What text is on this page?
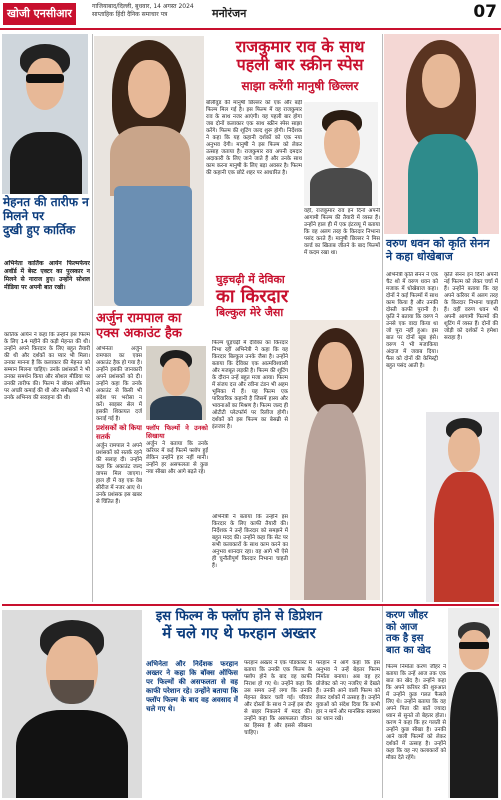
खोजी एनसीआर
गाजियाबाद/दिल्ली, बुधवार, 14 अगस्त 2024
साप्ताहिक हिंदी दैनिक समाचार पत्र	मनोरंजन	07
मेहनत की तारीफ न मिलने पर
दुखी हुए कार्तिक

अभिनेता कार्तिक आर्यन फिल्मफेयर अवॉर्ड में बेस्ट एक्टर का पुरस्कार न मिलने से नाराज हुए। उन्होंने सोशल मीडिया पर अपनी बात रखी।

कार्तिक आर्यन ने कहा कि उन्होंने इस फिल्म के लिए 14 महीने की कड़ी मेहनत की थी। उन्होंने अपने किरदार के लिए बहुत तैयारी की थी और दर्शकों का प्यार भी मिला। उनका मानना है कि कलाकार की मेहनत को सम्मान मिलना चाहिए। उनके प्रशंसकों ने भी उनका समर्थन किया और सोशल मीडिया पर उनकी तारीफ की। फिल्म ने बॉक्स ऑफिस पर अच्छी कमाई की थी और समीक्षकों ने भी उनके अभिनय की सराहना की थी।

राजकुमार राव के साथ
पहली बार स्क्रीन स्पेस
साझा करेंगी मानुषी छिल्लर

बॉलीवुड की मानुषी छिल्लर को एक और बड़ी फिल्म मिल गई है। इस फिल्म में वह राजकुमार राव के साथ नजर आएंगी। यह पहली बार होगा जब दोनों कलाकार एक साथ स्क्रीन स्पेस साझा करेंगे। फिल्म की शूटिंग जल्द शुरू होगी। निर्देशक ने कहा कि यह कहानी दर्शकों को एक नया अनुभव देगी। मानुषी ने इस फिल्म को लेकर उत्साह जताया है। राजकुमार राव अपनी दमदार अदाकारी के लिए जाने जाते हैं और उनके साथ काम करना मानुषी के लिए बड़ा अवसर है। फिल्म की कहानी एक छोटे शहर पर आधारित है।

वहीं, राजकुमार राव इन दिनों अपनी आगामी फिल्म की तैयारी में व्यस्त हैं। उन्होंने हाल ही में एक इंटरव्यू में बताया कि वह अलग तरह के किरदार निभाना पसंद करते हैं। मानुषी छिल्लर ने मिस वर्ल्ड का खिताब जीतने के बाद फिल्मों में कदम रखा था।

वरुण धवन को कृति सेनन ने कहा धोखेबाज

अभिनेत्री कृति सेनन ने एक चैट शो में वरुण धवन को मजाक में धोखेबाज कहा। दोनों ने कई फिल्मों में साथ काम किया है और उनकी दोस्ती काफी पुरानी है। कृति ने बताया कि वरुण ने उनसे एक वादा किया था जो पूरा नहीं हुआ। इस बात पर दोनों खूब हंसे। वरुण ने भी मजाकिया अंदाज में जवाब दिया। फैंस को दोनों की केमिस्ट्री बहुत पसंद आती है।

कृति सेनन इन दिनों अपनी नई फिल्म को लेकर चर्चा में हैं। उन्होंने बताया कि वह अपने करियर में अलग तरह के किरदार निभाना चाहती हैं। वहीं वरुण धवन भी अपनी आगामी फिल्मों की शूटिंग में व्यस्त हैं। दोनों की जोड़ी को दर्शकों ने हमेशा सराहा है।

अर्जुन रामपाल का
एक्स अकाउंट हैक

अभिनेता अर्जुन रामपाल का एक्स अकाउंट हैक हो गया है। उन्होंने इसकी जानकारी अपने प्रशंसकों को दी। उन्होंने कहा कि उनके अकाउंट से किसी भी संदेश पर भरोसा न करें। साइबर सेल में इसकी शिकायत दर्ज कराई गई है।

प्रशंसकों को किया सतर्क

अर्जुन रामपाल ने अपने प्रशंसकों को सतर्क रहने की सलाह दी। उन्होंने कहा कि अकाउंट जल्द वापस मिल जाएगा। हाल ही में वह एक वेब सीरीज में नजर आए थे। उनके प्रशंसक इस खबर से चिंतित हैं।

फ्लॉप फिल्मों ने उनको सिखाया

अर्जुन ने बताया कि उनके करियर में कई फिल्में फ्लॉप हुईं लेकिन उन्होंने हार नहीं मानी। उन्होंने हर असफलता से कुछ नया सीखा और आगे बढ़ते रहे।

घुड़चढ़ी में देविका
का किरदार
बिल्कुल मेरे जैसा

फिल्म घुड़चढ़ी में देविका का किरदार निभा रहीं अभिनेत्री ने कहा कि यह किरदार बिल्कुल उनके जैसा है। उन्होंने बताया कि देविका एक आत्मविश्वासी और मजबूत लड़की है। फिल्म की शूटिंग के दौरान उन्हें बहुत मजा आया। फिल्म में संजय दत्त और रवीना टंडन भी अहम भूमिका में हैं। यह फिल्म एक पारिवारिक कहानी है जिसमें हास्य और भावनाओं का मिश्रण है। फिल्म जल्द ही ओटीटी प्लेटफॉर्म पर रिलीज होगी। दर्शकों को इस फिल्म का बेसब्री से इंतजार है।

अभिनेत्री ने बताया कि उन्होंने इस किरदार के लिए काफी तैयारी की। निर्देशक ने उन्हें किरदार को समझने में बहुत मदद की। उन्होंने कहा कि सेट पर सभी कलाकारों के साथ काम करने का अनुभव शानदार रहा। वह आगे भी ऐसे ही चुनौतीपूर्ण किरदार निभाना चाहती हैं।

इस फिल्म के फ्लॉप होने से डिप्रेशन
में चले गए थे फरहान अख्तर

अभिनेता और निर्देशक फरहान अख्तर ने कहा कि बॉक्स ऑफिस पर फिल्मों की असफलता से वह काफी परेशान रहे। उन्होंने बताया कि फ्लॉप फिल्म के बाद वह अवसाद में चले गए थे।

फरहान अख्तर ने एक पॉडकास्ट में बताया कि उनकी एक फिल्म के फ्लॉप होने के बाद वह काफी निराश हो गए थे। उन्होंने कहा कि उस समय उन्हें लगा कि उनकी मेहनत बेकार चली गई। परिवार और दोस्तों के साथ ने उन्हें इस दौर से बाहर निकलने में मदद की। उन्होंने कहा कि असफलता जीवन का हिस्सा है और इससे सीखना चाहिए।

फरहान ने आगे कहा कि इस अनुभव ने उन्हें बेहतर फिल्म निर्माता बनाया। अब वह हर प्रोजेक्ट को नए नजरिए से देखते हैं। उनकी आने वाली फिल्म को लेकर दर्शकों में उत्साह है। उन्होंने युवाओं को संदेश दिया कि कभी हार न मानें और मानसिक स्वास्थ्य का ध्यान रखें।

करण जौहर
को आज
तक है इस
बात का खेद

फिल्म निर्माता करण जौहर ने बताया कि उन्हें आज तक एक बात का खेद है। उन्होंने कहा कि अपने करियर की शुरुआत में उन्होंने कुछ गलत फैसले लिए थे। उन्होंने बताया कि वह अपने पिता की बातें ज्यादा ध्यान से सुनते तो बेहतर होता। करण ने कहा कि हर गलती से उन्होंने कुछ सीखा है। उनकी आने वाली फिल्मों को लेकर दर्शकों में उत्साह है। उन्होंने कहा कि वह नए कलाकारों को मौका देते रहेंगे।
